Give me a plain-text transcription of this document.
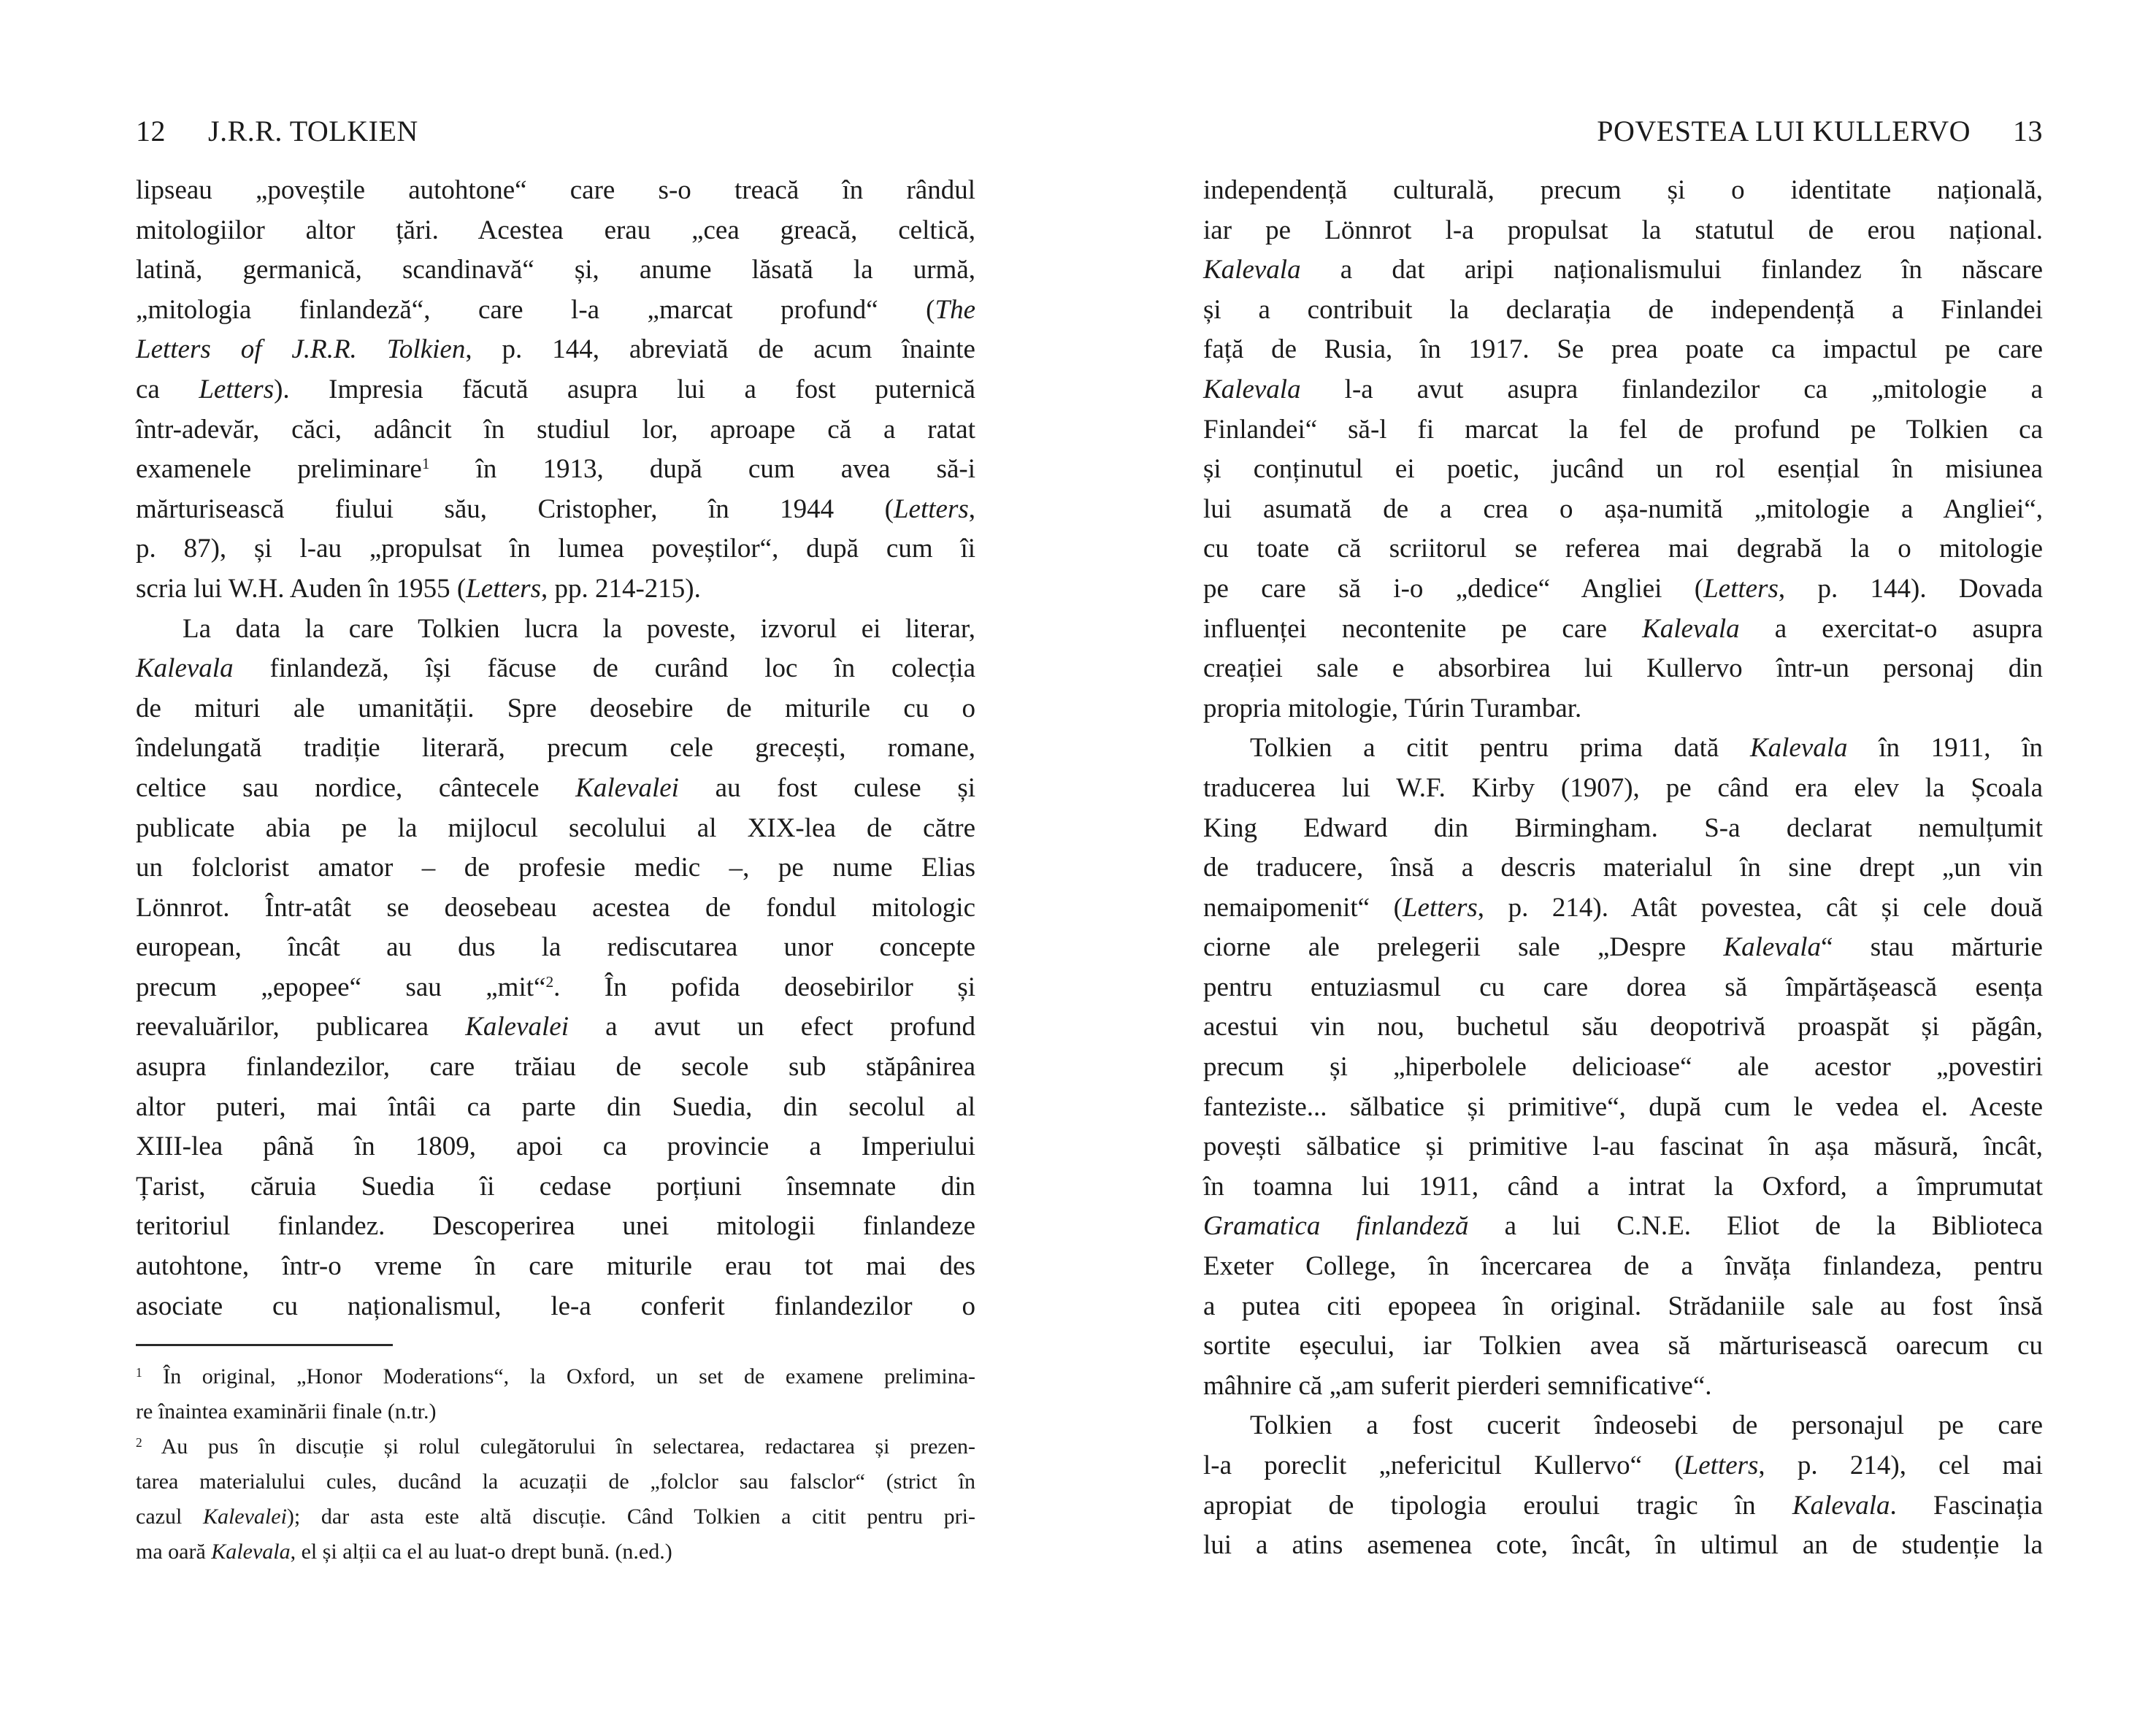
12 J.R.R. TOLKIEN
lipseau „poveștile autohtone“ care s-o treacă în rândul
mitologiilor altor țări. Acestea erau „cea greacă, celtică,
latină, germanică, scandinavă“ și, anume lăsată la urmă,
„mitologia finlandeză“, care l-a „marcat profund“ (The
Letters of J.R.R. Tolkien, p. 144, abreviată de acum înainte
ca Letters). Impresia făcută asupra lui a fost puternică
într-adevăr, căci, adâncit în studiul lor, aproape că a ratat
examenele preliminare$^1$ în 1913, după cum avea să-i
mărturisească fiului său, Cristopher, în 1944 (Letters,
p. 87), și l-au „propulsat în lumea poveștilor“, după cum îi
scria lui W.H. Auden în 1955 (Letters, pp. 214-215).
La data la care Tolkien lucra la poveste, izvorul ei literar,
Kalevala finlandeză, își făcuse de curând loc în colecția
de mituri ale umanității. Spre deosebire de miturile cu o
îndelungată tradiție literară, precum cele grecești, romane,
celtice sau nordice, cântecele Kalevalei au fost culese și
publicate abia pe la mijlocul secolului al XIX-lea de către
un folclorist amator – de profesie medic –, pe nume Elias
Lönnrot. Într-atât se deosebeau acestea de fondul mitologic
european, încât au dus la rediscutarea unor concepte
precum „epopee“ sau „mit“$^2$. În pofida deosebirilor și
reevaluărilor, publicarea Kalevalei a avut un efect profund
asupra finlandezilor, care trăiau de secole sub stăpânirea
altor puteri, mai întâi ca parte din Suedia, din secolul al
XIII-lea până în 1809, apoi ca provincie a Imperiului
Țarist, căruia Suedia îi cedase porțiuni însemnate din
teritoriul finlandez. Descoperirea unei mitologii finlandeze
autohtone, într-o vreme în care miturile erau tot mai des
asociate cu naționalismul, le-a conferit finlandezilor o
$^1$ În original, „Honor Moderations“, la Oxford, un set de examene prelimina-
re înaintea examinării finale (n.tr.)
$^2$ Au pus în discuție și rolul culegătorului în selectarea, redactarea și prezen-
tarea materialului cules, ducând la acuzații de „folclor sau falsclor“ (strict în
cazul Kalevalei); dar asta este altă discuție. Când Tolkien a citit pentru pri-
ma oară Kalevala, el și alții ca el au luat-o drept bună. (n.ed.)
POVESTEA LUI KULLERVO 13
independență culturală, precum și o identitate națională,
iar pe Lönnrot l-a propulsat la statutul de erou național.
Kalevala a dat aripi naționalismului finlandez în născare
și a contribuit la declarația de independență a Finlandei
față de Rusia, în 1917. Se prea poate ca impactul pe care
Kalevala l-a avut asupra finlandezilor ca „mitologie a
Finlandei“ să-l fi marcat la fel de profund pe Tolkien ca
și conținutul ei poetic, jucând un rol esențial în misiunea
lui asumată de a crea o așa-numită „mitologie a Angliei“,
cu toate că scriitorul se referea mai degrabă la o mitologie
pe care să i-o „dedice“ Angliei (Letters, p. 144). Dovada
influenței necontenite pe care Kalevala a exercitat-o asupra
creației sale e absorbirea lui Kullervo într-un personaj din
propria mitologie, Túrin Turambar.
Tolkien a citit pentru prima dată Kalevala în 1911, în
traducerea lui W.F. Kirby (1907), pe când era elev la Școala
King Edward din Birmingham. S-a declarat nemulțumit
de traducere, însă a descris materialul în sine drept „un vin
nemaipomenit“ (Letters, p. 214). Atât povestea, cât și cele două
ciorne ale prelegerii sale „Despre Kalevala“ stau mărturie
pentru entuziasmul cu care dorea să împărtășească esența
acestui vin nou, buchetul său deopotrivă proaspăt și păgân,
precum și „hiperbolele delicioase“ ale acestor „povestiri
fanteziste... sălbatice și primitive“, după cum le vedea el. Aceste
povești sălbatice și primitive l-au fascinat în așa măsură, încât,
în toamna lui 1911, când a intrat la Oxford, a împrumutat
Gramatica finlandeză a lui C.N.E. Eliot de la Biblioteca
Exeter College, în încercarea de a învăța finlandeza, pentru
a putea citi epopeea în original. Strădaniile sale au fost însă
sortite eșecului, iar Tolkien avea să mărturisească oarecum cu
mâhnire că „am suferit pierderi semnificative“.
Tolkien a fost cucerit îndeosebi de personajul pe care
l-a poreclit „nefericitul Kullervo“ (Letters, p. 214), cel mai
apropiat de tipologia eroului tragic în Kalevala. Fascinația
lui a atins asemenea cote, încât, în ultimul an de studenție la
